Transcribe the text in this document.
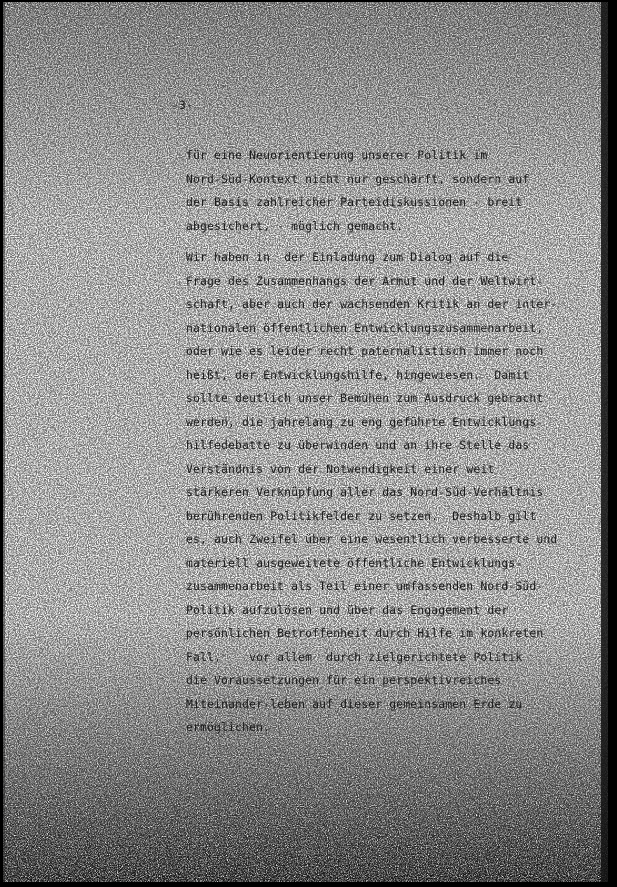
-3-
für eine Neuorientierung unserer Politik im
Nord-Süd-Kontext nicht nur geschärft, sondern auf
der Basis zahlreicher Parteidiskussionen - breit
abgesichert, - möglich gemacht.
Wir haben in  der Einladung zum Dialog auf die
Frage des Zusammenhangs der Armut und der Weltwirt-
schaft, aber auch der wachsenden Kritik an der inter-
nationalen öffentlichen Entwicklungszusammenarbeit,
oder wie es leider recht paternalistisch immer noch
heißt, der Entwicklungshilfe, hingewiesen.  Damit
sollte deutlich unser Bemühen zum Ausdruck gebracht
werden, die jahrelang zu eng geführte Entwicklungs-
hilfedebatte zu überwinden und an ihre Stelle das
Verständnis von der Notwendigkeit einer weit
stärkeren Verknüpfung aller das Nord-Süd-Verhältnis
berührenden Politikfelder zu setzen.  Deshalb gilt
es, auch Zweifel über eine wesentlich verbesserte und
materiell ausgeweitete öffentliche Entwicklungs-
zusammenarbeit als Teil einer umfassenden Nord-Süd-
Politik aufzulösen und über das Engagement der
persönlichen Betroffenheit durch Hilfe im konkreten
Fall,    vor allem  durch zielgerichtete Politik
die Voraussetzungen für ein perspektivreiches
Miteinander-leben auf dieser gemeinsamen Erde zu
ermöglichen.
